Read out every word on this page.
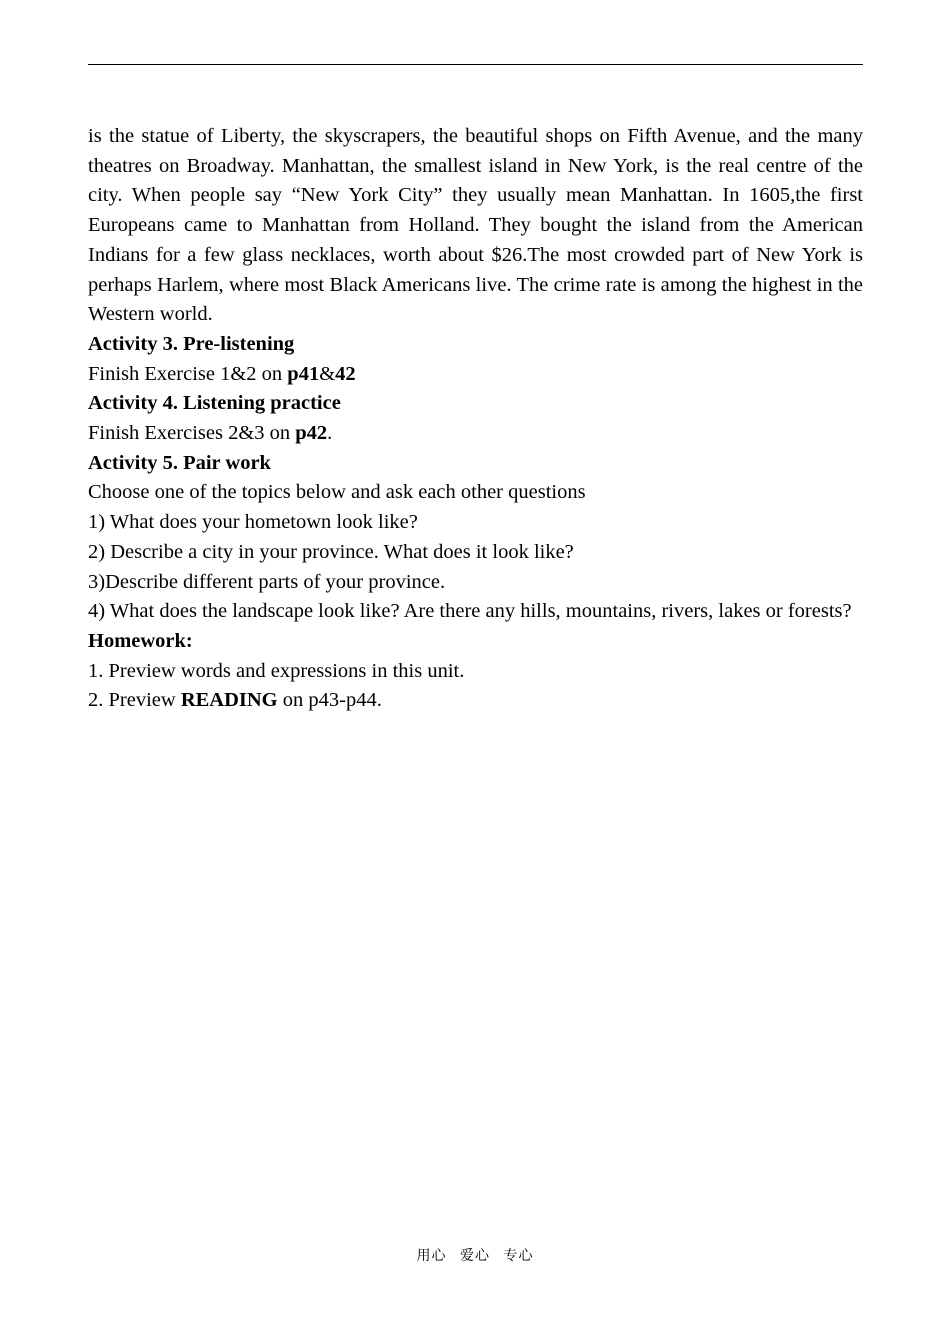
is the statue of Liberty, the skyscrapers, the beautiful shops on Fifth Avenue, and the many theatres on Broadway. Manhattan, the smallest island in New York, is the real centre of the city. When people say “New York City” they usually mean Manhattan. In 1605,the first Europeans came to Manhattan from Holland. They bought the island from the American Indians for a few glass necklaces, worth about $26.The most crowded part of New York is perhaps Harlem, where most Black Americans live. The crime rate is among the highest in the Western world.

Activity 3. Pre-listening

Finish Exercise 1&2 on p41&42

Activity 4. Listening practice

Finish Exercises 2&3 on p42.

Activity 5. Pair work

Choose one of the topics below and ask each other questions

1) What does your hometown look like?

2) Describe a city in your province. What does it look like?

3)Describe different parts of your province.

4) What does the landscape look like? Are there any hills, mountains, rivers, lakes or forests?

Homework:

1. Preview words and expressions in this unit.

2. Preview READING on p43-p44.

用心 爱心 专心
